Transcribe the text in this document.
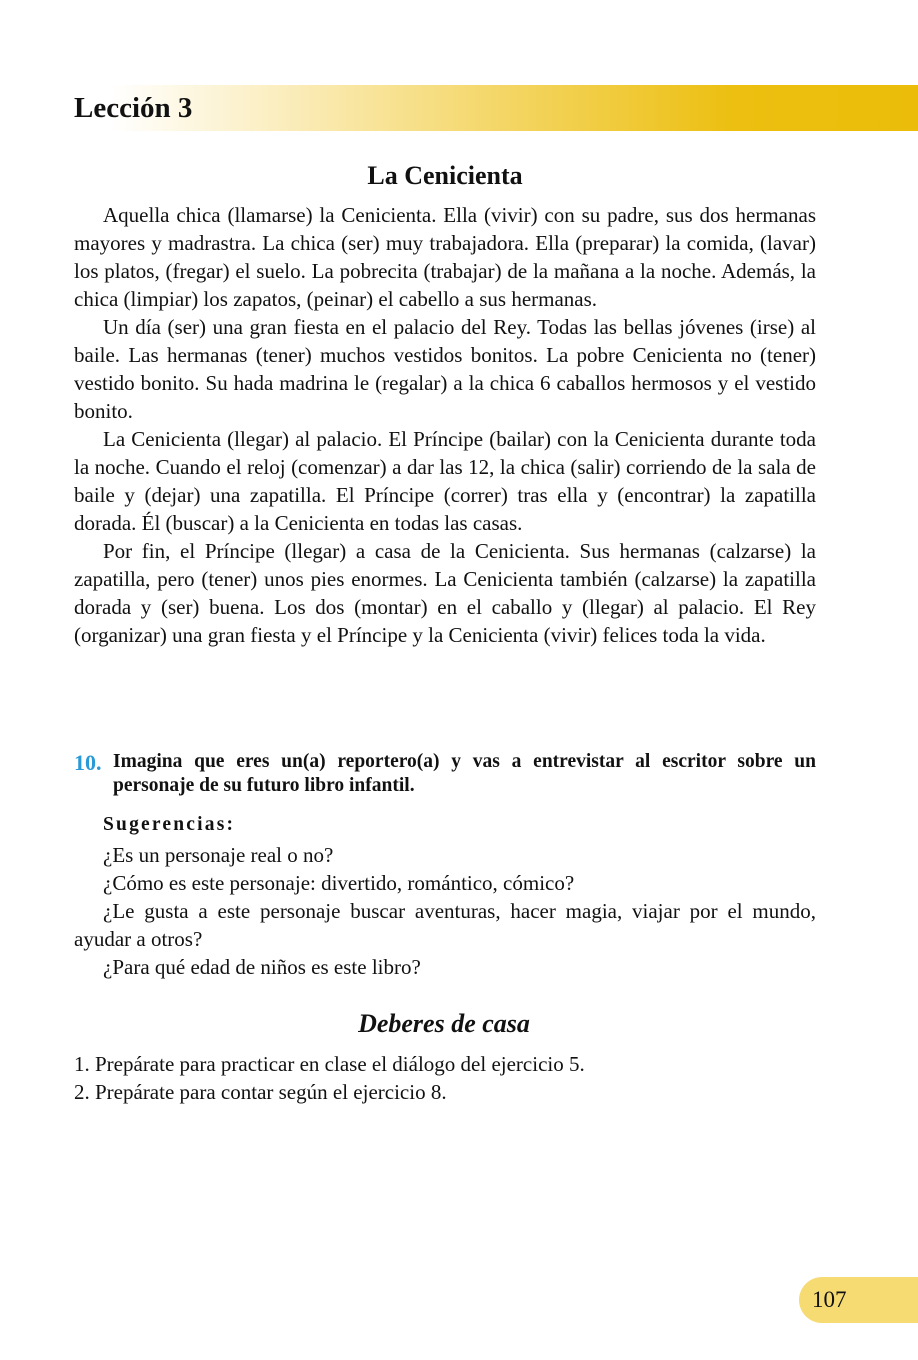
Lección 3
La Cenicienta

Aquella chica (llamarse) la Cenicienta. Ella (vivir) con su padre, sus dos hermanas mayores y madrastra. La chica (ser) muy trabajadora. Ella (preparar) la comida, (lavar) los platos, (fregar) el suelo. La pobrecita (trabajar) de la mañana a la noche. Además, la chica (limpiar) los zapatos, (peinar) el cabello a sus hermanas.

Un día (ser) una gran fiesta en el palacio del Rey. Todas las bellas jóvenes (irse) al baile. Las hermanas (tener) muchos vestidos bonitos. La pobre Cenicienta no (tener) vestido bonito. Su hada madrina le (regalar) a la chica 6 caballos hermosos y el vestido bonito.

La Cenicienta (llegar) al palacio. El Príncipe (bailar) con la Cenicienta durante toda la noche. Cuando el reloj (comenzar) a dar las 12, la chica (salir) corriendo de la sala de baile y (dejar) una zapatilla. El Príncipe (correr) tras ella y (encontrar) la zapatilla dorada. Él (buscar) a la Cenicienta en todas las casas.

Por fin, el Príncipe (llegar) a casa de la Cenicienta. Sus hermanas (calzarse) la zapatilla, pero (tener) unos pies enormes. La Cenicienta también (calzarse) la zapatilla dorada y (ser) buena. Los dos (montar) en el caballo y (llegar) al palacio. El Rey (organizar) una gran fiesta y el Príncipe y la Cenicienta (vivir) felices toda la vida.

10. Imagina que eres un(a) reportero(a) y vas a entrevistar al escritor sobre un personaje de su futuro libro infantil.

Sugerencias:

¿Es un personaje real o no?

¿Cómo es este personaje: divertido, romántico, cómico?

¿Le gusta a este personaje buscar aventuras, hacer magia, viajar por el mundo, ayudar a otros?

¿Para qué edad de niños es este libro?

Deberes de casa

1. Prepárate para practicar en clase el diálogo del ejercicio 5.

2. Prepárate para contar según el ejercicio 8.

107
